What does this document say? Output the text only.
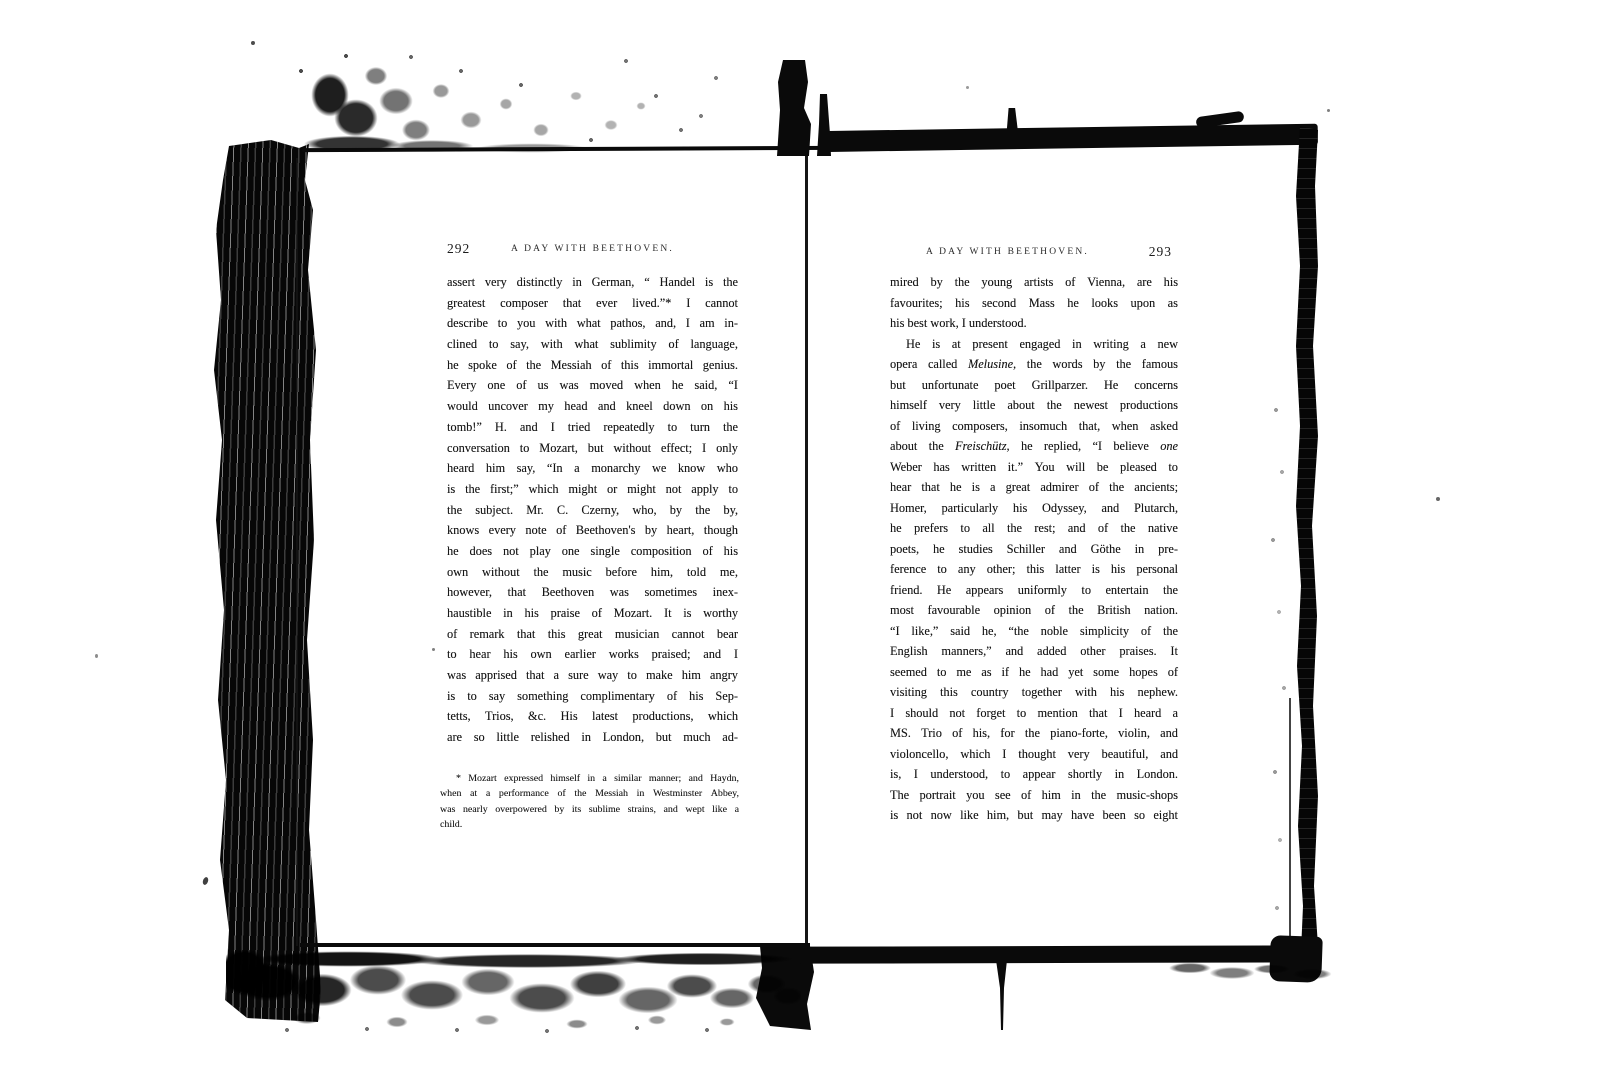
292	A DAY WITH BEETHOVEN.
assert very distinctly in German, “ Handel is the
greatest composer that ever lived.”* I cannot
describe to you with what pathos, and, I am in-
clined to say, with what sublimity of language,
he spoke of the Messiah of this immortal genius.
Every one of us was moved when he said, “I
would uncover my head and kneel down on his
tomb!” H. and I tried repeatedly to turn the
conversation to Mozart, but without effect; I only
heard him say, “In a monarchy we know who
is the first;” which might or might not apply to
the subject. Mr. C. Czerny, who, by the by,
knows every note of Beethoven's by heart, though
he does not play one single composition of his
own without the music before him, told me,
however, that Beethoven was sometimes inex-
haustible in his praise of Mozart. It is worthy
of remark that this great musician cannot bear
to hear his own earlier works praised; and I
was apprised that a sure way to make him angry
is to say something complimentary of his Sep-
tetts, Trios, &c. His latest productions, which
are so little relished in London, but much ad-
* Mozart expressed himself in a similar manner; and Haydn,
when at a performance of the Messiah in Westminster Abbey,
was nearly overpowered by its sublime strains, and wept like a
child.
A DAY WITH BEETHOVEN.	293
mired by the young artists of Vienna, are his
favourites; his second Mass he looks upon as
his best work, I understood.
He is at present engaged in writing a new
opera called Melusine, the words by the famous
but unfortunate poet Grillparzer. He concerns
himself very little about the newest productions
of living composers, insomuch that, when asked
about the Freischütz, he replied, “I believe one
Weber has written it.” You will be pleased to
hear that he is a great admirer of the ancients;
Homer, particularly his Odyssey, and Plutarch,
he prefers to all the rest; and of the native
poets, he studies Schiller and Göthe in pre-
ference to any other; this latter is his personal
friend. He appears uniformly to entertain the
most favourable opinion of the British nation.
“I like,” said he, “the noble simplicity of the
English manners,” and added other praises. It
seemed to me as if he had yet some hopes of
visiting this country together with his nephew.
I should not forget to mention that I heard a
MS. Trio of his, for the piano-forte, violin, and
violoncello, which I thought very beautiful, and
is, I understood, to appear shortly in London.
The portrait you see of him in the music-shops
is not now like him, but may have been so eight
